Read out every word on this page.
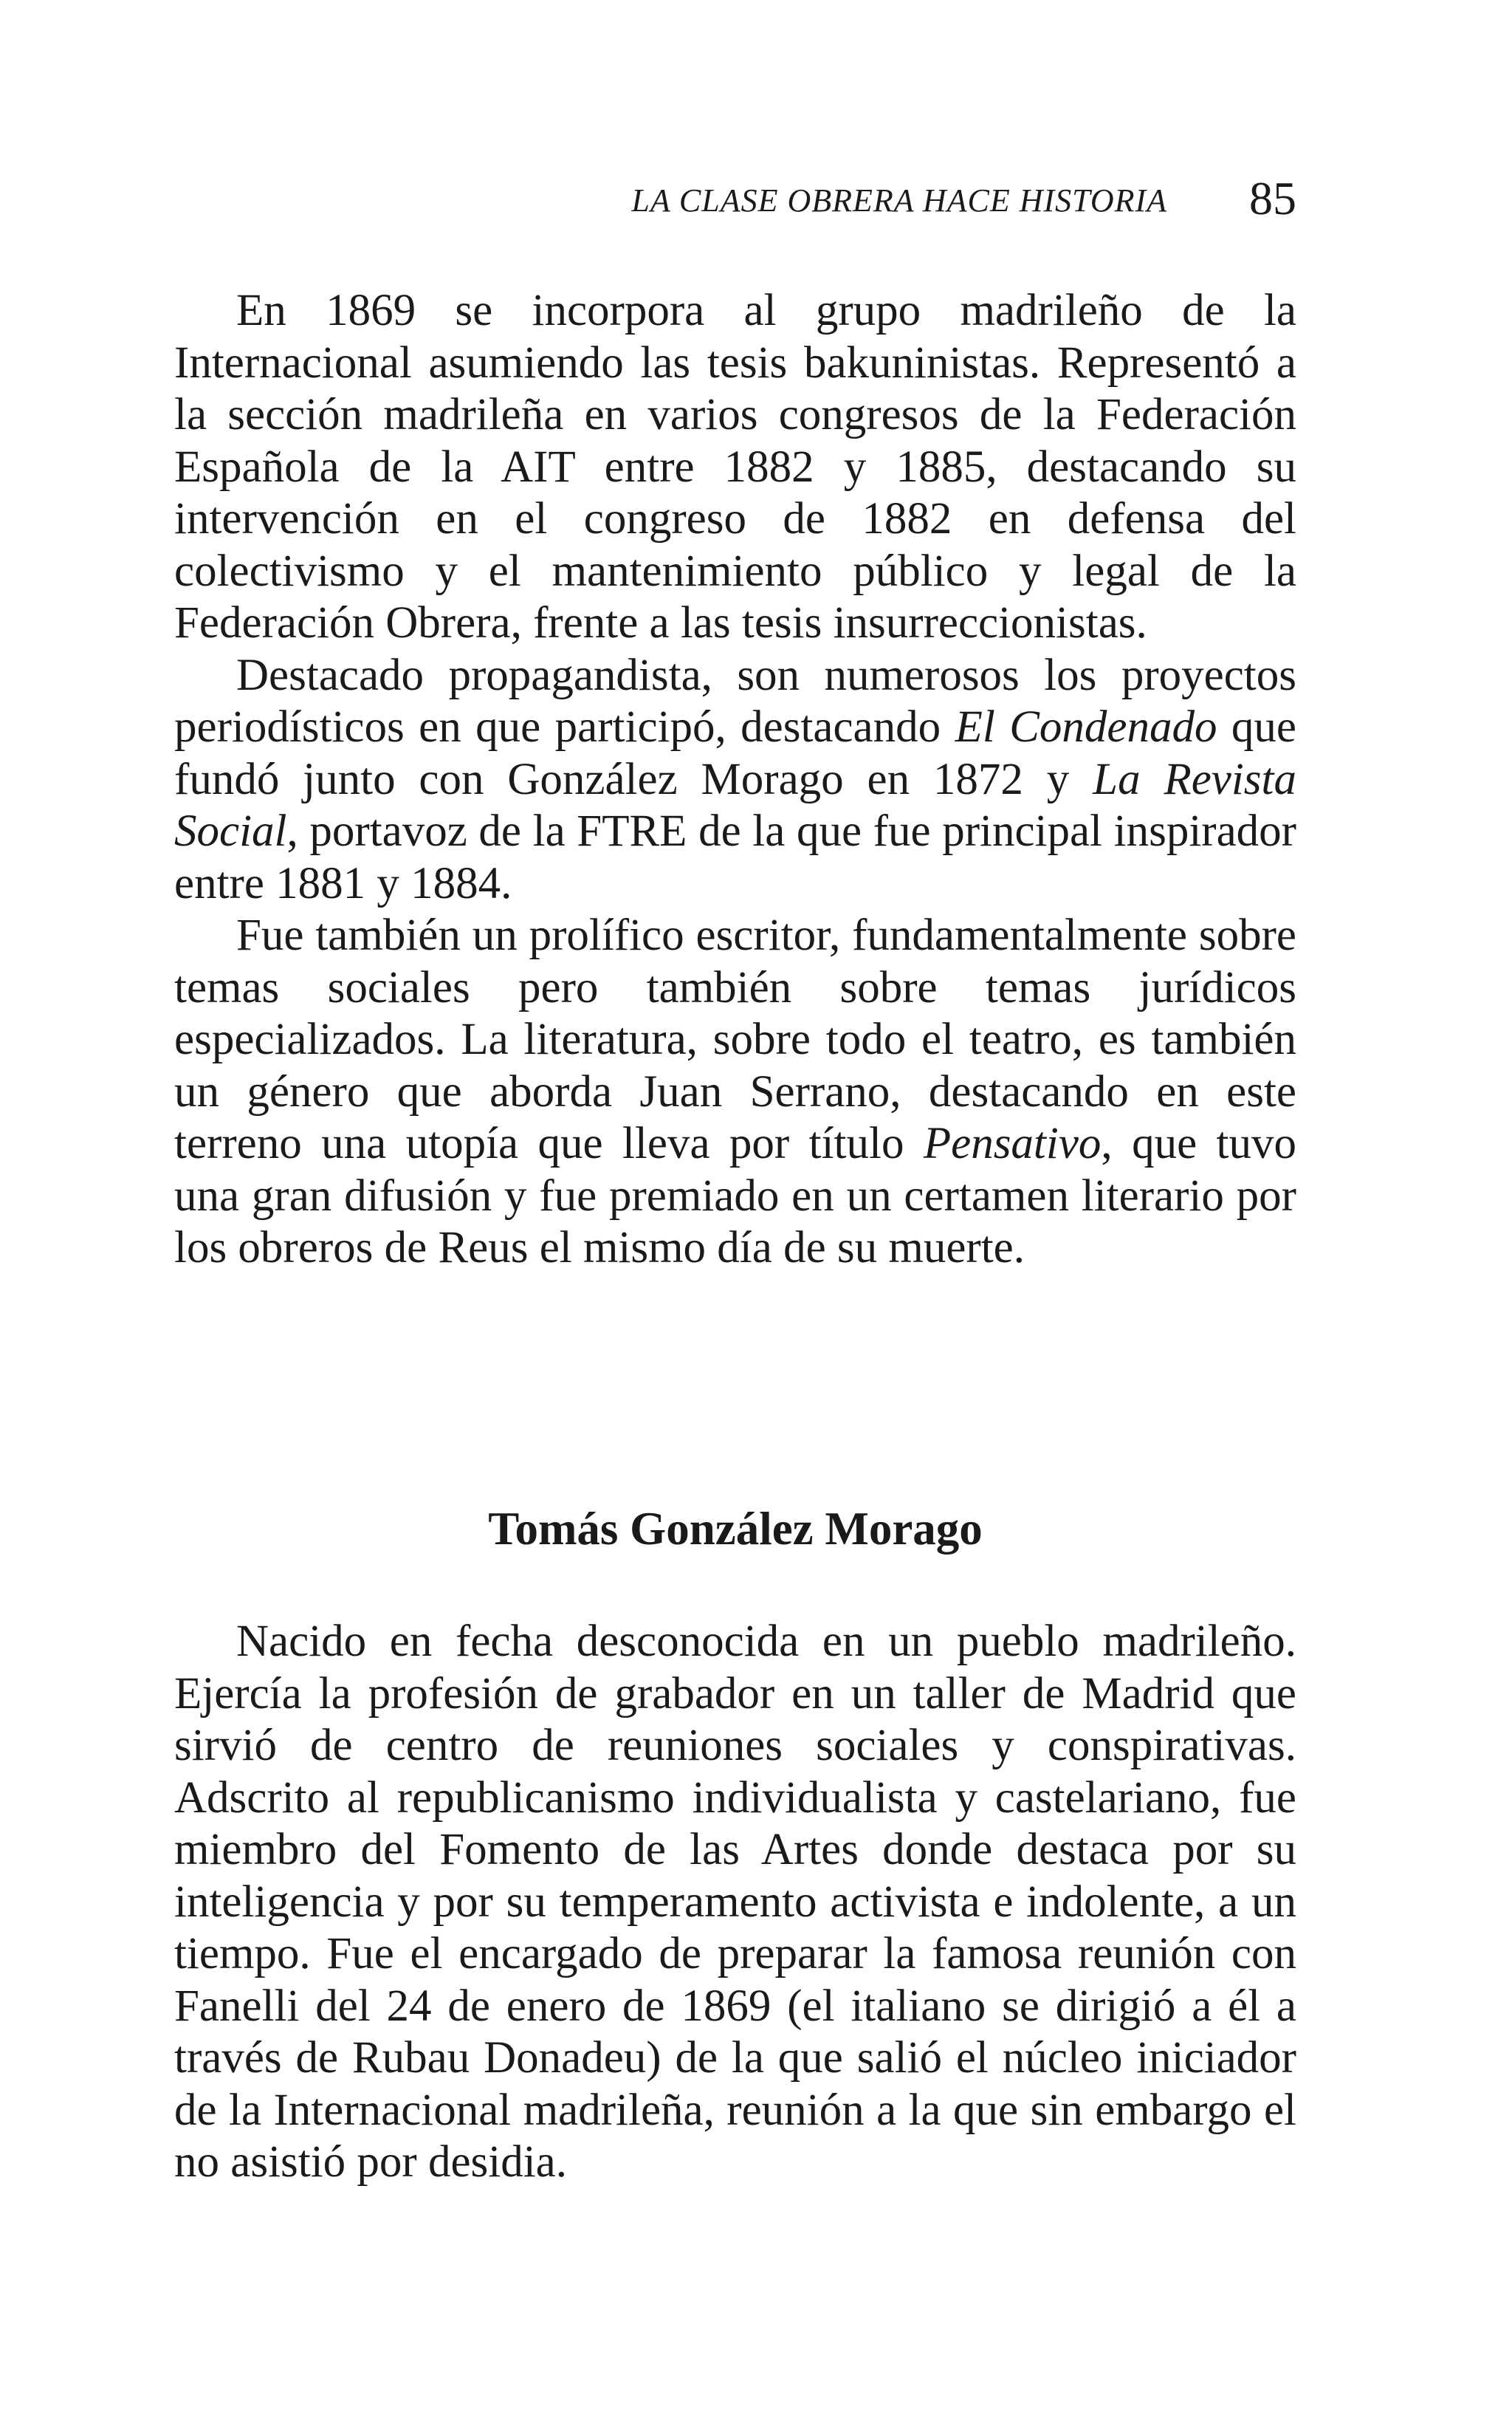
LA CLASE OBRERA HACE HISTORIA 85

En 1869 se incorpora al grupo madrileño de la Internacional asumiendo las tesis bakuninistas. Representó a la sección madrileña en varios congresos de la Federación Española de la AIT entre 1882 y 1885, destacando su intervención en el congreso de 1882 en defensa del colectivismo y el mantenimiento público y legal de la Federación Obrera, frente a las tesis insurreccionistas.

Destacado propagandista, son numerosos los proyectos periodísticos en que participó, destacando El Condenado que fundó junto con González Morago en 1872 y La Revista Social, portavoz de la FTRE de la que fue principal inspirador entre 1881 y 1884.

Fue también un prolífico escritor, fundamentalmente sobre temas sociales pero también sobre temas jurídicos especializados. La literatura, sobre todo el teatro, es también un género que aborda Juan Serrano, destacando en este terreno una utopía que lleva por título Pensativo, que tuvo una gran difusión y fue premiado en un certamen literario por los obreros de Reus el mismo día de su muerte.

Tomás González Morago

Nacido en fecha desconocida en un pueblo madrileño. Ejercía la profesión de grabador en un taller de Madrid que sirvió de centro de reuniones sociales y conspirativas. Adscrito al republicanismo individualista y castelariano, fue miembro del Fomento de las Artes donde destaca por su inteligencia y por su temperamento activista e indolente, a un tiempo. Fue el encargado de preparar la famosa reunión con Fanelli del 24 de enero de 1869 (el italiano se dirigió a él a través de Rubau Donadeu) de la que salió el núcleo iniciador de la Internacional madrileña, reunión a la que sin embargo el no asistió por desidia.
